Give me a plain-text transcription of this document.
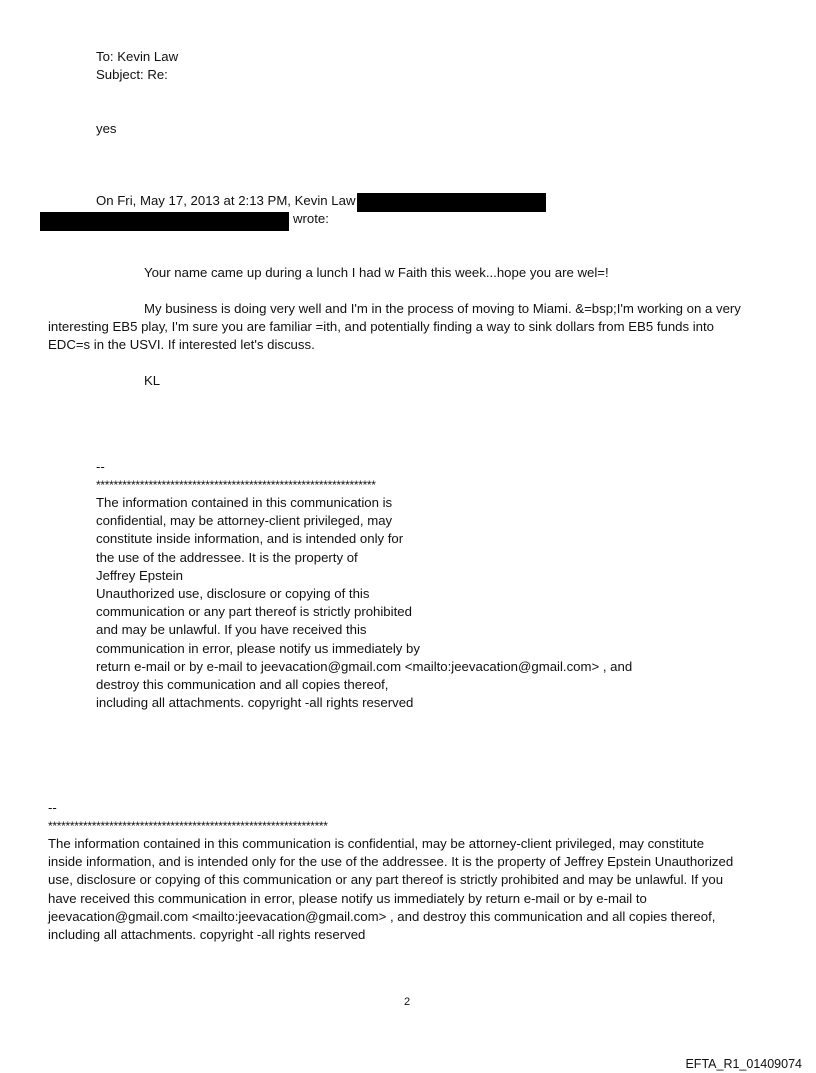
To: Kevin Law
Subject: Re:
yes
On Fri, May 17, 2013 at 2:13 PM, Kevin Law
wrote:
Your name came up during a lunch I had w Faith this week...hope you are wel=!
My business is doing very well and I'm in the process of moving to Miami. &=bsp;I'm working on a very
interesting EB5 play, I'm sure you are familiar =ith, and potentially finding a way to sink dollars from EB5 funds into
EDC=s in the USVI. If interested let's discuss.
KL
--
****************************************************************
The information contained in this communication is
confidential, may be attorney-client privileged, may
constitute inside information, and is intended only for
the use of the addressee. It is the property of
Jeffrey Epstein
Unauthorized use, disclosure or copying of this
communication or any part thereof is strictly prohibited
and may be unlawful. If you have received this
communication in error, please notify us immediately by
return e-mail or by e-mail to jeevacation@gmail.com <mailto:jeevacation@gmail.com> , and
destroy this communication and all copies thereof,
including all attachments. copyright -all rights reserved
--
****************************************************************
The information contained in this communication is confidential, may be attorney-client privileged, may constitute
inside information, and is intended only for the use of the addressee. It is the property of Jeffrey Epstein Unauthorized
use, disclosure or copying of this communication or any part thereof is strictly prohibited and may be unlawful. If you
have received this communication in error, please notify us immediately by return e-mail or by e-mail to
jeevacation@gmail.com <mailto:jeevacation@gmail.com> , and destroy this communication and all copies thereof,
including all attachments. copyright -all rights reserved
2
EFTA_R1_01409074
